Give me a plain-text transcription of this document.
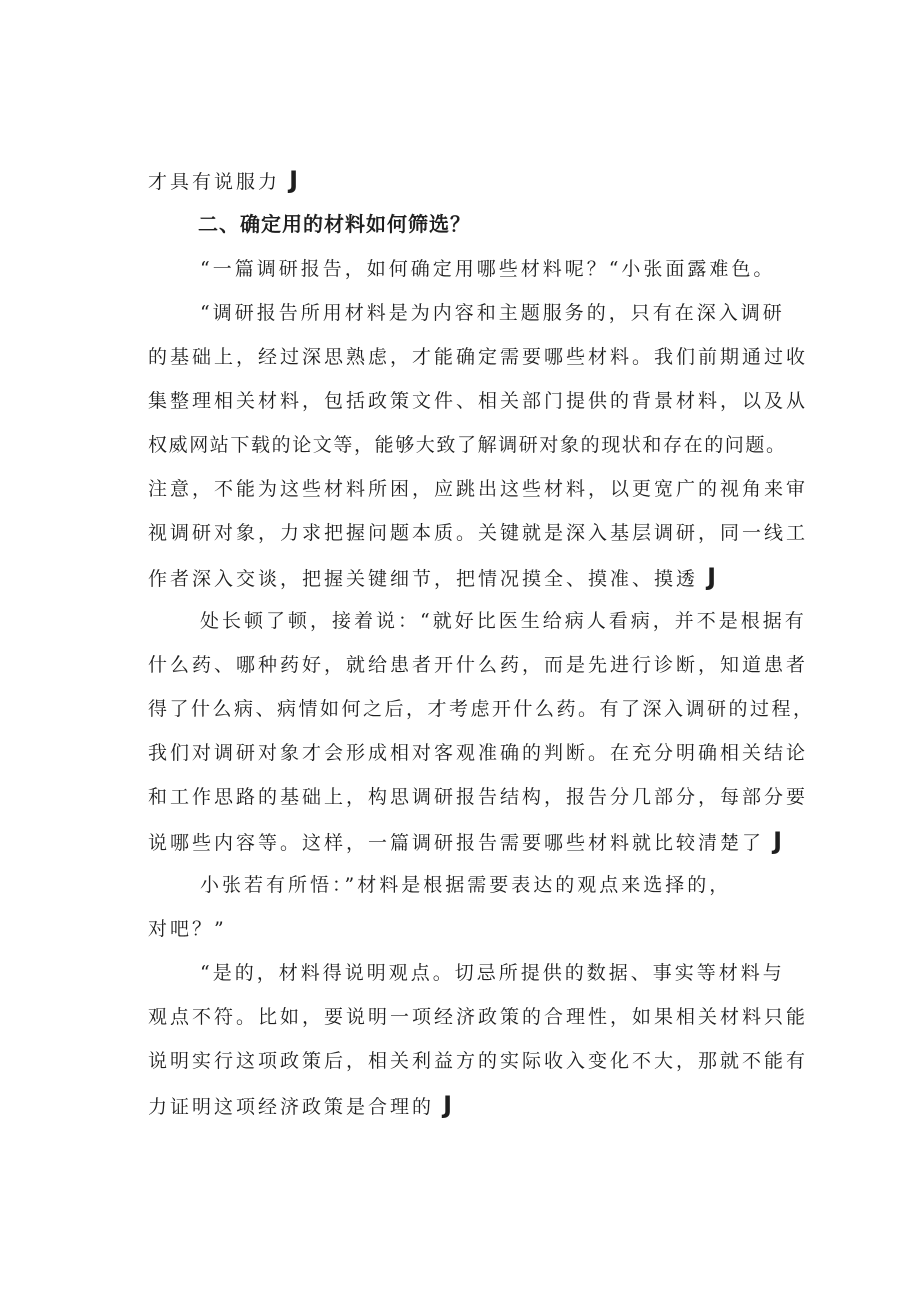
才具有说服力 J
二、确定用的材料如何筛选？
“一篇调研报告，如何确定用哪些材料呢？“小张面露难色。
“调研报告所用材料是为内容和主题服务的，只有在深入调研
的基础上，经过深思熟虑，才能确定需要哪些材料。我们前期通过收
集整理相关材料，包括政策文件、相关部门提供的背景材料，以及从
权威网站下载的论文等，能够大致了解调研对象的现状和存在的问题。
注意，不能为这些材料所困，应跳出这些材料，以更宽广的视角来审
视调研对象，力求把握问题本质。关键就是深入基层调研，同一线工
作者深入交谈，把握关键细节，把情况摸全、摸准、摸透 J
处长顿了顿，接着说：“就好比医生给病人看病，并不是根据有
什么药、哪种药好，就给患者开什么药，而是先进行诊断，知道患者
得了什么病、病情如何之后，才考虑开什么药。有了深入调研的过程，
我们对调研对象才会形成相对客观准确的判断。在充分明确相关结论
和工作思路的基础上，构思调研报告结构，报告分几部分，每部分要
说哪些内容等。这样，一篇调研报告需要哪些材料就比较清楚了 J
小张若有所悟：”材料是根据需要表达的观点来选择的，
对吧？”
“是的，材料得说明观点。切忌所提供的数据、事实等材料与
观点不符。比如，要说明一项经济政策的合理性，如果相关材料只能
说明实行这项政策后，相关利益方的实际收入变化不大，那就不能有
力证明这项经济政策是合理的 J
